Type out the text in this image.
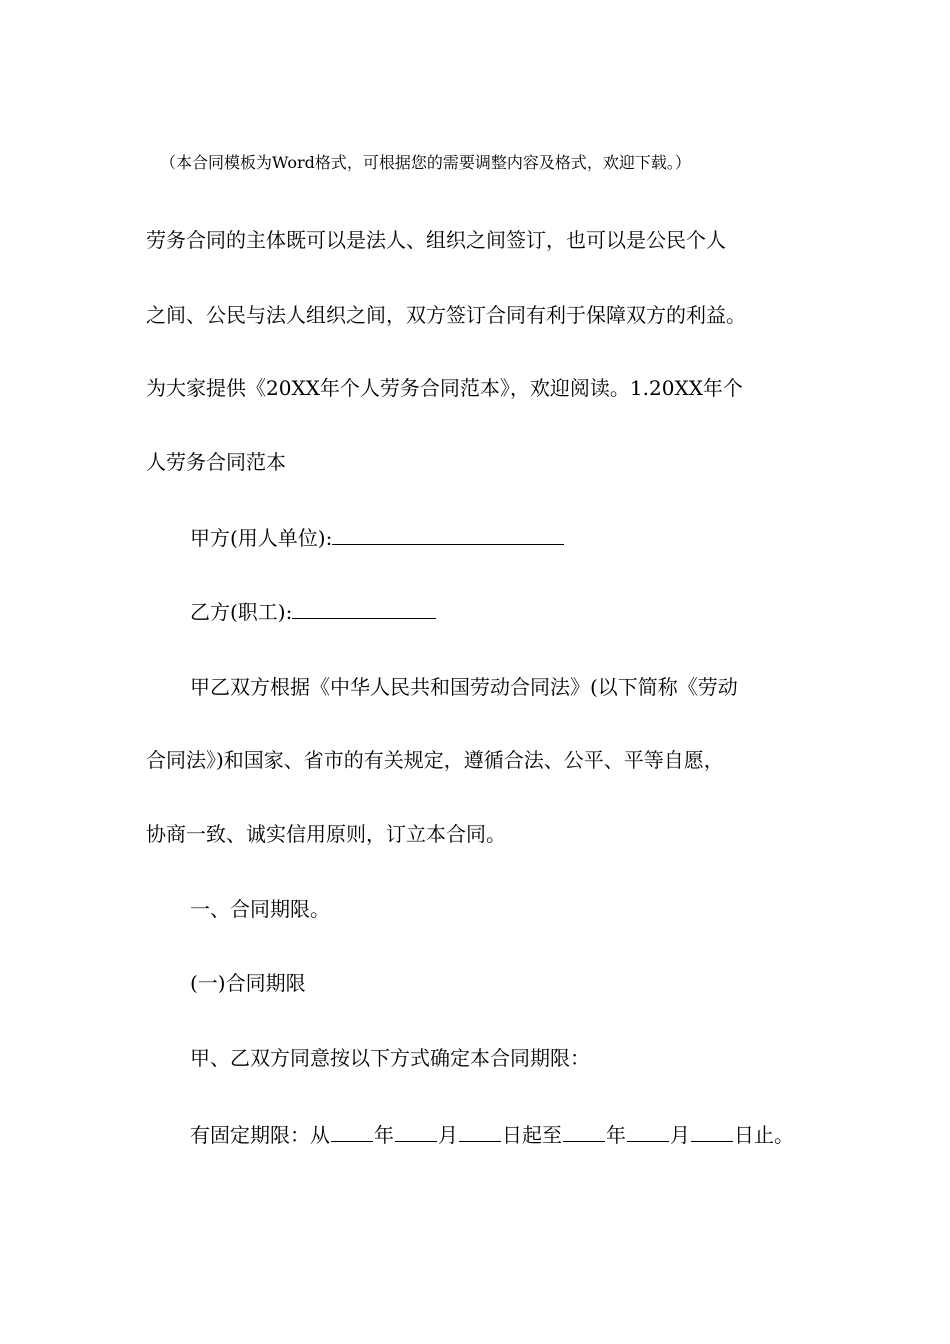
（本合同模板为Word格式，可根据您的需要调整内容及格式，欢迎下载。）
劳务合同的主体既可以是法人、组织之间签订，也可以是公民个人
之间、公民与法人组织之间，双方签订合同有利于保障双方的利益。
为大家提供《20XX年个人劳务合同范本》，欢迎阅读。1.20XX年个
人劳务合同范本
甲方(用人单位):
乙方(职工):
甲乙双方根据《中华人民共和国劳动合同法》(以下简称《劳动
合同法》)和国家、省市的有关规定，遵循合法、公平、平等自愿，
协商一致、诚实信用原则，订立本合同。
一、合同期限。
(一)合同期限
甲、乙双方同意按以下方式确定本合同期限：
有固定期限：从 年 月 日起至 年 月 日止。
